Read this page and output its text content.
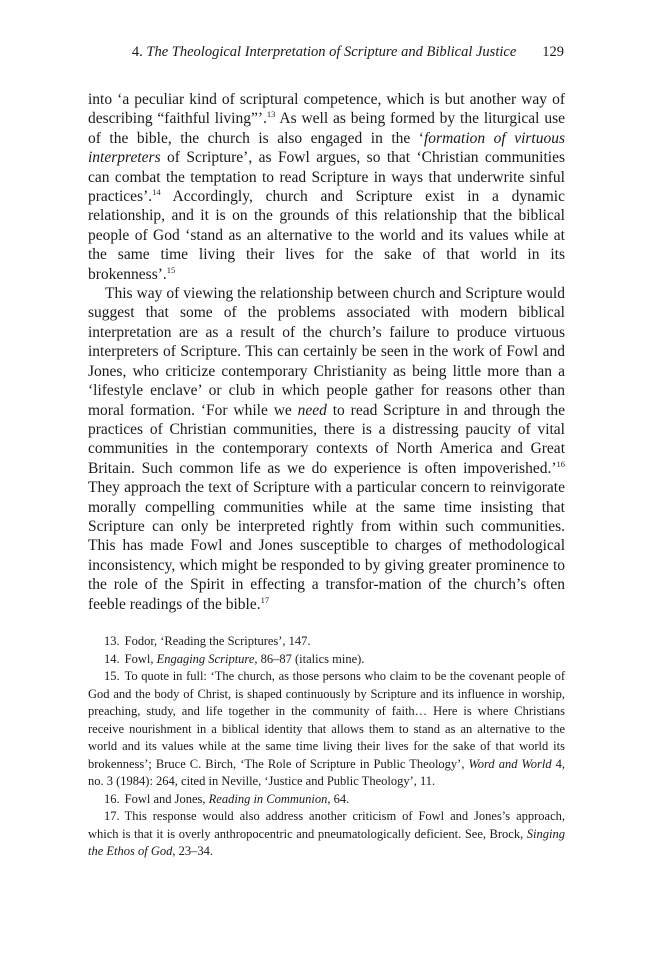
4. The Theological Interpretation of Scripture and Biblical Justice 129

into ‘a peculiar kind of scriptural competence, which is but another way of describing “faithful living”’.$^{13}$ As well as being formed by the liturgical use of the bible, the church is also engaged in the ‘formation of virtuous interpreters of Scripture’, as Fowl argues, so that ‘Christian communities can combat the temptation to read Scripture in ways that underwrite sinful practices’.$^{14}$ Accordingly, church and Scripture exist in a dynamic relationship, and it is on the grounds of this relationship that the biblical people of God ‘stand as an alternative to the world and its values while at the same time living their lives for the sake of that world in its brokenness’.$^{15}$

This way of viewing the relationship between church and Scripture would suggest that some of the problems associated with modern biblical interpretation are as a result of the church’s failure to produce virtuous interpreters of Scripture. This can certainly be seen in the work of Fowl and Jones, who criticize contemporary Christianity as being little more than a ‘lifestyle enclave’ or club in which people gather for reasons other than moral formation. ‘For while we need to read Scripture in and through the practices of Christian communities, there is a distressing paucity of vital communities in the contemporary contexts of North America and Great Britain. Such common life as we do experience is often impoverished.’$^{16}$ They approach the text of Scripture with a particular concern to reinvigorate morally compelling communities while at the same time insisting that Scripture can only be interpreted rightly from within such communities. This has made Fowl and Jones susceptible to charges of methodological inconsistency, which might be responded to by giving greater prominence to the role of the Spirit in effecting a transfor-mation of the church’s often feeble readings of the bible.$^{17}$

13. Fodor, ‘Reading the Scriptures’, 147.

14. Fowl, Engaging Scripture, 86–87 (italics mine).

15. To quote in full: ‘The church, as those persons who claim to be the covenant people of God and the body of Christ, is shaped continuously by Scripture and its influence in worship, preaching, study, and life together in the community of faith… Here is where Christians receive nourishment in a biblical identity that allows them to stand as an alternative to the world and its values while at the same time living their lives for the sake of that world its brokenness’; Bruce C. Birch, ‘The Role of Scripture in Public Theology’, Word and World 4, no. 3 (1984): 264, cited in Neville, ‘Justice and Public Theology’, 11.

16. Fowl and Jones, Reading in Communion, 64.

17. This response would also address another criticism of Fowl and Jones’s approach, which is that it is overly anthropocentric and pneumatologically deficient. See, Brock, Singing the Ethos of God, 23–34.
